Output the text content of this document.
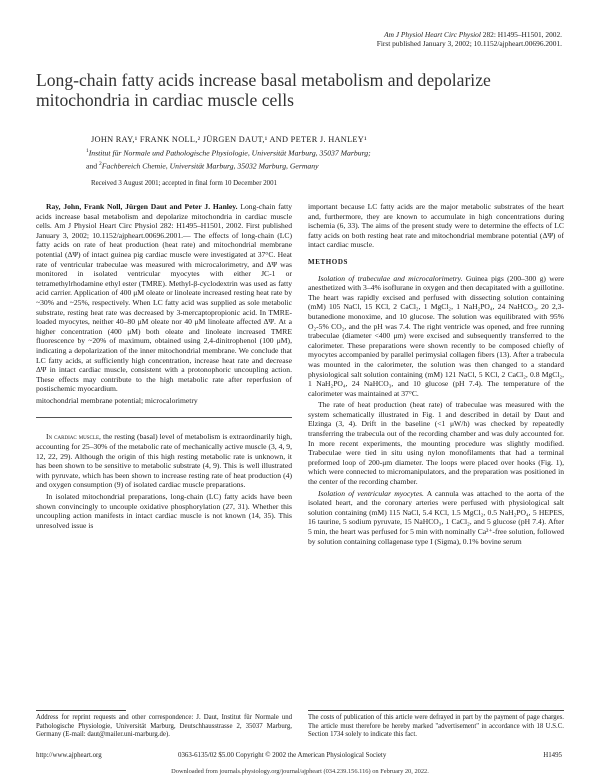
Am J Physiol Heart Circ Physiol 282: H1495–H1501, 2002.
First published January 3, 2002; 10.1152/ajpheart.00696.2001.
Long-chain fatty acids increase basal metabolism and depolarize mitochondria in cardiac muscle cells
JOHN RAY,¹ FRANK NOLL,² JÜRGEN DAUT,¹ AND PETER J. HANLEY¹
$^1$Institut für Normale und Pathologische Physiologie, Universität Marburg, 35037 Marburg;
and $^2$Fachbereich Chemie, Universität Marburg, 35032 Marburg, Germany
Received 3 August 2001; accepted in final form 10 December 2001

Ray, John, Frank Noll, Jürgen Daut and Peter J. Hanley. Long-chain fatty acids increase basal metabolism and depolarize mitochondria in cardiac muscle cells. Am J Physiol Heart Circ Physiol 282: H1495–H1501, 2002. First published January 3, 2002; 10.1152/ajpheart.00696.2001.— The effects of long-chain (LC) fatty acids on rate of heat production (heat rate) and mitochondrial membrane potential (ΔΨ) of intact guinea pig cardiac muscle were investigated at 37°C. Heat rate of ventricular trabeculae was measured with microcalorimetry, and ΔΨ was monitored in isolated ventricular myocytes with either JC-1 or tetramethylrhodamine ethyl ester (TMRE). Methyl-β-cyclodextrin was used as fatty acid carrier. Application of 400 μM oleate or linoleate increased resting heat rate by ~30% and ~25%, respectively. When LC fatty acid was supplied as sole metabolic substrate, resting heat rate was decreased by 3-mercaptopropionic acid. In TMRE-loaded myocytes, neither 40–80 μM oleate nor 40 μM linoleate affected ΔΨ. At a higher concentration (400 μM) both oleate and linoleate increased TMRE fluorescence by ~20% of maximum, obtained using 2,4-dinitrophenol (100 μM), indicating a depolarization of the inner mitochondrial membrane. We conclude that LC fatty acids, at sufficiently high concentration, increase heat rate and decrease ΔΨ in intact cardiac muscle, consistent with a protonophoric uncoupling action. These effects may contribute to the high metabolic rate after reperfusion of postischemic myocardium.

mitochondrial membrane potential; microcalorimetry

In cardiac muscle, the resting (basal) level of metabolism is extraordinarily high, accounting for 25–30% of the metabolic rate of mechanically active muscle (3, 4, 9, 12, 22, 29). Although the origin of this high resting metabolic rate is unknown, it has been shown to be sensitive to metabolic substrate (4, 9). This is well illustrated with pyruvate, which has been shown to increase resting rate of heat production (4) and oxygen consumption (9) of isolated cardiac muscle preparations.

In isolated mitochondrial preparations, long-chain (LC) fatty acids have been shown convincingly to uncouple oxidative phosphorylation (27, 31). Whether this uncoupling action manifests in intact cardiac muscle is not known (14, 35). This unresolved issue is

important because LC fatty acids are the major metabolic substrates of the heart and, furthermore, they are known to accumulate in high concentrations during ischemia (6, 33). The aims of the present study were to determine the effects of LC fatty acids on both resting heat rate and mitochondrial membrane potential (ΔΨ) of intact cardiac muscle.

METHODS

Isolation of trabeculae and microcalorimetry. Guinea pigs (200–300 g) were anesthetized with 3–4% isoflurane in oxygen and then decapitated with a guillotine. The heart was rapidly excised and perfused with dissecting solution containing (mM) 105 NaCl, 15 KCl, 2 CaCl₂, 1 MgCl₂, 1 NaH₂PO₄, 24 NaHCO₃, 20 2,3-butanedione monoxime, and 10 glucose. The solution was equilibrated with 95% O₂-5% CO₂, and the pH was 7.4. The right ventricle was opened, and free running trabeculae (diameter <400 μm) were excised and subsequently transferred to the calorimeter. These preparations were shown recently to be composed chiefly of myocytes accompanied by parallel perimysial collagen fibers (13). After a trabecula was mounted in the calorimeter, the solution was then changed to a standard physiological salt solution containing (mM) 121 NaCl, 5 KCl, 2 CaCl₂, 0.8 MgCl₂, 1 NaH₂PO₄, 24 NaHCO₃, and 10 glucose (pH 7.4). The temperature of the calorimeter was maintained at 37°C.

The rate of heat production (heat rate) of trabeculae was measured with the system schematically illustrated in Fig. 1 and described in detail by Daut and Elzinga (3, 4). Drift in the baseline (<1 μW/h) was checked by repeatedly transferring the trabecula out of the recording chamber and was duly accounted for. In more recent experiments, the mounting procedure was slightly modified. Trabeculae were tied in situ using nylon monofilaments that had a terminal preformed loop of 200-μm diameter. The loops were placed over hooks (Fig. 1), which were connected to micromanipulators, and the preparation was positioned in the center of the recording chamber.

Isolation of ventricular myocytes. A cannula was attached to the aorta of the isolated heart, and the coronary arteries were perfused with physiological salt solution containing (mM) 115 NaCl, 5.4 KCl, 1.5 MgCl₂, 0.5 NaH₂PO₄, 5 HEPES, 16 taurine, 5 sodium pyruvate, 15 NaHCO₃, 1 CaCl₂, and 5 glucose (pH 7.4). After 5 min, the heart was perfused for 5 min with nominally Ca²⁺-free solution, followed by solution containing collagenase type I (Sigma), 0.1% bovine serum

Address for reprint requests and other correspondence: J. Daut, Institut für Normale und Pathologische Physiologie, Universität Marburg, Deutschhausstrasse 2, 35037 Marburg, Germany (E-mail: daut@mailer.uni-marburg.de).
The costs of publication of this article were defrayed in part by the payment of page charges. The article must therefore be hereby marked "advertisement" in accordance with 18 U.S.C. Section 1734 solely to indicate this fact.
http://www.ajpheart.org	0363-6135/02 $5.00 Copyright © 2002 the American Physiological Society	H1495
Downloaded from journals.physiology.org/journal/ajpheart (034.239.156.116) on February 20, 2022.
